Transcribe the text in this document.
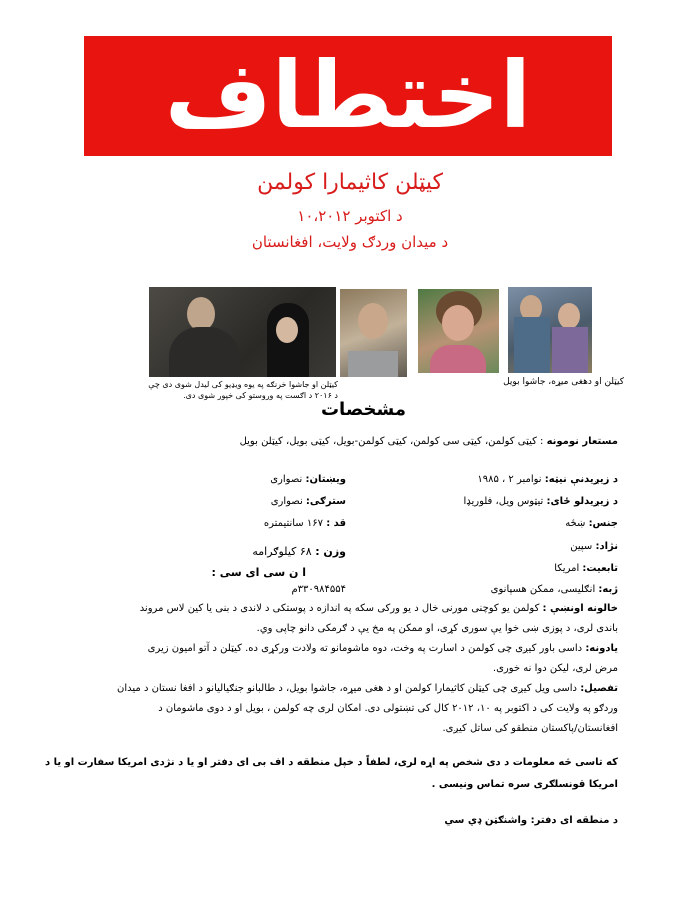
اختطاف
کیټلن کاثیمارا کولمن
د اکتوبر ۱۰،۲۰۱۲
د میدان وردګ ولایت، افغانستان
کیټلن او دهغی میړه، جاشوا بویل
کیټلن او جاشوا خرنګه په یوه ویډیو کی لیدل شوی دی چې
د ۲۰۱۶ د اګست په وروستو کی خپور شوی دی.
مشخصات
مستعار نومونه : کیټی کولمن، کیټی سی کولمن، کیټی کولمن-بویل، کیټی بویل، کیټلن بویل
د زیږیدنې نیټه: نوامبر ۲ ، ۱۹۸۵
د زیږیدلو ځای: تیټوس ویل، فلوریډا
جنس: ښځه
نژاد: سپین
تابعیت: امریکا
ژبه: انګلیسی، ممکن هسپانوی
ویښتان: نصواری
سترګی: نصواری
قد : ۱۶۷ سانتیمتره
وزن : ۶۸ کیلوګرامه
ا ن سی ای سی :
۳۳۰۹۸۴۵۵۴م
خالونه اونښې : کولمن یو کوچنی مورنی خال د یو ورکی سکه په اندازه د پوستکی د لاندی د بنی یا کین لاس مروند
باندی لری، د پوزی ښی خوا یې سوری کړی، او ممکن په مخ یې د ګرمکی دانو چاپی وي.
یادونه: داسی باور کیږی چی کولمن د اسارت په وخت، دوه ماشومانو ته ولادت ورکړی ده. کیټلن د آتو امیون زیری
مرض لری، لیکن دوا نه خوری.
تفصیل: داسی ویل کیږی چی کیټلن کاثیمارا کولمن او د هغی میړه، جاشوا بویل، د طالبانو جنګیالیانو د افغا نستان د میدان
وردګو په ولایت کی د اکتوبر په ۱۰، ۲۰۱۲ کال کی تښتولی دی. امکان لری چه کولمن ، بویل او د دوی ماشومان د
افغانستان/پاکستان منطقو کی ساتل کیږی.
که تاسی څه معلومات د دی شخص په اړه لری، لطفاً د خپل منطقه د اف بی ای دفتر او یا د نژدی امریکا سفارت او یا د
امریکا قونسلګری سره تماس ونیسی .
د منطقه ای دفتر: واشنګټن ډي سي
